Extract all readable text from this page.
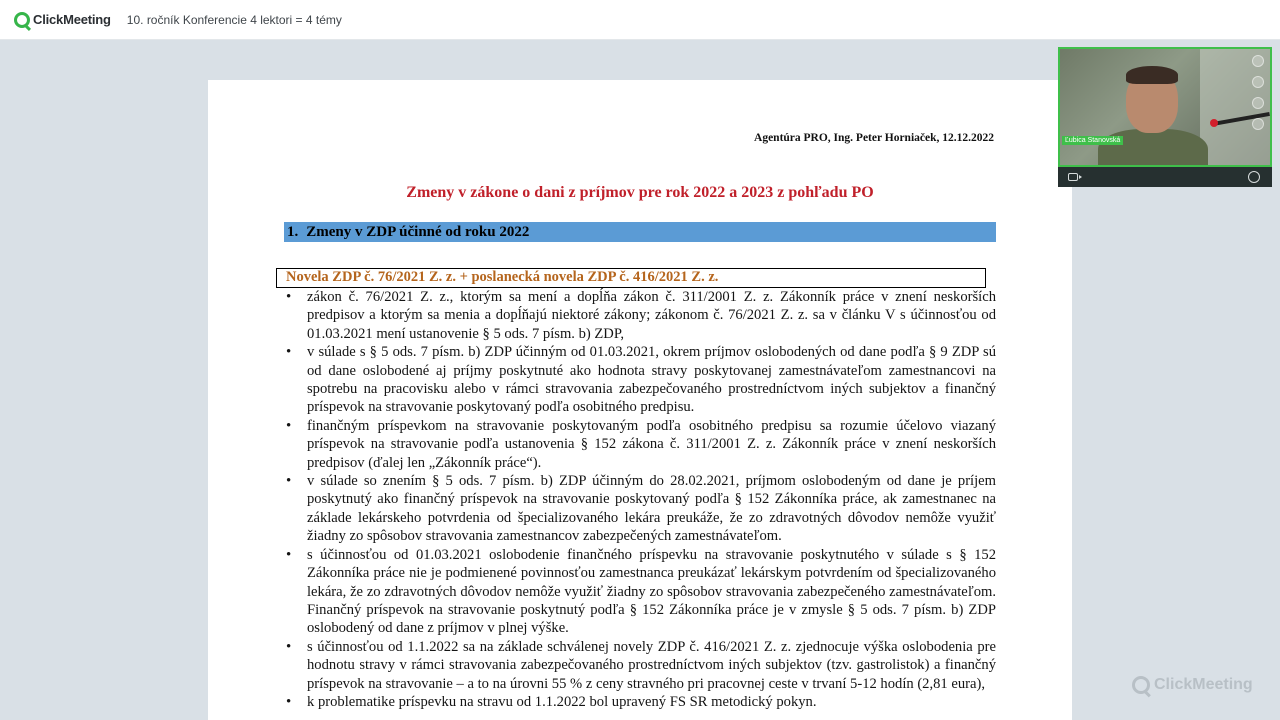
ClickMeeting 10. ročník Konferencie 4 lektori = 4 témy
Agentúra PRO, Ing. Peter Horniaček, 12.12.2022
Zmeny v zákone o dani z príjmov pre rok 2022 a 2023 z pohľadu PO
1. Zmeny v ZDP účinné od roku 2022
Novela ZDP č. 76/2021 Z. z. + poslanecká novela ZDP č. 416/2021 Z. z.
• zákon č. 76/2021 Z. z., ktorým sa mení a dopĺňa zákon č. 311/2001 Z. z. Zákonník práce v znení neskorších predpisov a ktorým sa menia a dopĺňajú niektoré zákony; zákonom č. 76/2021 Z. z. sa v článku V s účinnosťou od 01.03.2021 mení ustanovenie § 5 ods. 7 písm. b) ZDP,
• v súlade s § 5 ods. 7 písm. b) ZDP účinným od 01.03.2021, okrem príjmov oslobodených od dane podľa § 9 ZDP sú od dane oslobodené aj príjmy poskytnuté ako hodnota stravy poskytovanej zamestnávateľom zamestnancovi na spotrebu na pracovisku alebo v rámci stravovania zabezpečovaného prostredníctvom iných subjektov a finančný príspevok na stravovanie poskytovaný podľa osobitného predpisu.
• finančným príspevkom na stravovanie poskytovaným podľa osobitného predpisu sa rozumie účelovo viazaný príspevok na stravovanie podľa ustanovenia § 152 zákona č. 311/2001 Z. z. Zákonník práce v znení neskorších predpisov (ďalej len „Zákonník práce“).
• v súlade so znením § 5 ods. 7 písm. b) ZDP účinným do 28.02.2021, príjmom oslobodeným od dane je príjem poskytnutý ako finančný príspevok na stravovanie poskytovaný podľa § 152 Zákonníka práce, ak zamestnanec na základe lekárskeho potvrdenia od špecializovaného lekára preukáže, že zo zdravotných dôvodov nemôže využiť žiadny zo spôsobov stravovania zamestnancov zabezpečených zamestnávateľom.
• s účinnosťou od 01.03.2021 oslobodenie finančného príspevku na stravovanie poskytnutého v súlade s § 152 Zákonníka práce nie je podmienené povinnosťou zamestnanca preukázať lekárskym potvrdením od špecializovaného lekára, že zo zdravotných dôvodov nemôže využiť žiadny zo spôsobov stravovania zabezpečeného zamestnávateľom. Finančný príspevok na stravovanie poskytnutý podľa § 152 Zákonníka práce je v zmysle § 5 ods. 7 písm. b) ZDP oslobodený od dane z príjmov v plnej výške.
• s účinnosťou od 1.1.2022 sa na základe schválenej novely ZDP č. 416/2021 Z. z. zjednocuje výška oslobodenia pre hodnotu stravy v rámci stravovania zabezpečovaného prostredníctvom iných subjektov (tzv. gastrolistok) a finančný príspevok na stravovanie – a to na úrovni 55 % z ceny stravného pri pracovnej ceste v trvaní 5-12 hodín (2,81 eura),
• k problematike príspevku na stravu od 1.1.2022 bol upravený FS SR metodický pokyn.
Ľubica Stanovská
ClickMeeting
